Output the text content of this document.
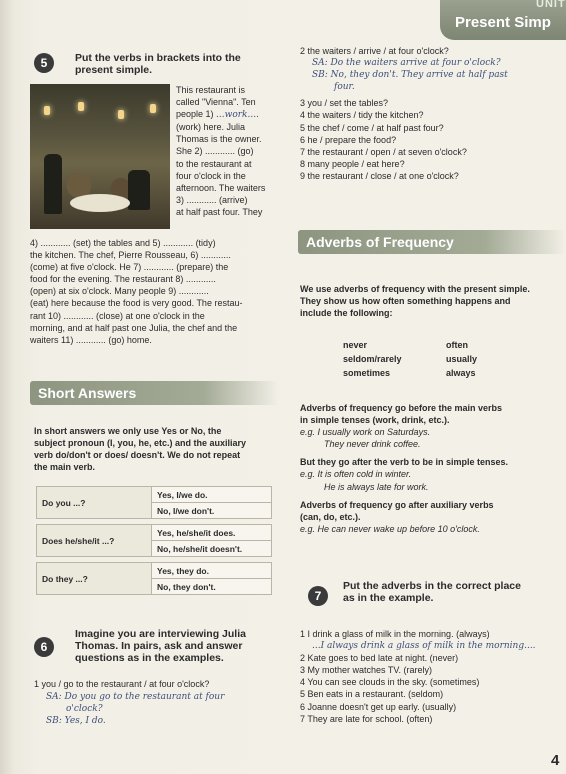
UNIT
Present Simp
5	Put the verbs in brackets into the
present simple.
This restaurant is
called "Vienna". Ten
people 1) ...work....
(work) here. Julia
Thomas is the owner.
She 2) ............ (go)
to the restaurant at
four o'clock in the
afternoon. The waiters
3) ............ (arrive)
at half past four. They
4) ............ (set) the tables and 5) ............ (tidy)
the kitchen. The chef, Pierre Rousseau, 6) ............
(come) at five o'clock. He 7) ............ (prepare) the
food for the evening. The restaurant 8) ............
(open) at six o'clock. Many people 9) ............
(eat) here because the food is very good. The restau-
rant 10) ............ (close) at one o'clock in the
morning, and at half past one Julia, the chef and the
waiters 11) ............ (go) home.
Short Answers
In short answers we only use Yes or No, the
subject pronoun (I, you, he, etc.) and the auxiliary
verb do/don't or does/ doesn't. We do not repeat
the main verb.
Do you ...?	Yes, I/we do.
	No, I/we don't.

Does he/she/it ...?	Yes, he/she/it does.
	No, he/she/it doesn't.

Do they ...?	Yes, they do.
	No, they don't.
6
Imagine you are interviewing Julia
Thomas. In pairs, ask and answer
questions as in the examples.
1 you / go to the restaurant / at four o'clock?
SA: Do you go to the restaurant at four
o'clock?
SB: Yes, I do.
2 the waiters / arrive / at four o'clock?
SA: Do the waiters arrive at four o'clock?
SB: No, they don't. They arrive at half past
four.
3 you / set the tables?
4 the waiters / tidy the kitchen?
5 the chef / come / at half past four?
6 he / prepare the food?
7 the restaurant / open / at seven o'clock?
8 many people / eat here?
9 the restaurant / close / at one o'clock?
Adverbs of Frequency
We use adverbs of frequency with the present simple.
They show us how often something happens and
include the following:
never	often
seldom/rarely	usually
sometimes	always
Adverbs of frequency go before the main verbs
in simple tenses (work, drink, etc.).
e.g. I usually work on Saturdays.
They never drink coffee.
But they go after the verb to be in simple tenses.
e.g. It is often cold in winter.
He is always late for work.
Adverbs of frequency go after auxiliary verbs
(can, do, etc.).
e.g. He can never wake up before 10 o'clock.
7
Put the adverbs in the correct place
as in the example.
1 I drink a glass of milk in the morning. (always)
...I always drink a glass of milk in the morning....
2 Kate goes to bed late at night. (never)
3 My mother watches TV. (rarely)
4 You can see clouds in the sky. (sometimes)
5 Ben eats in a restaurant. (seldom)
6 Joanne doesn't get up early. (usually)
7 They are late for school. (often)
4
